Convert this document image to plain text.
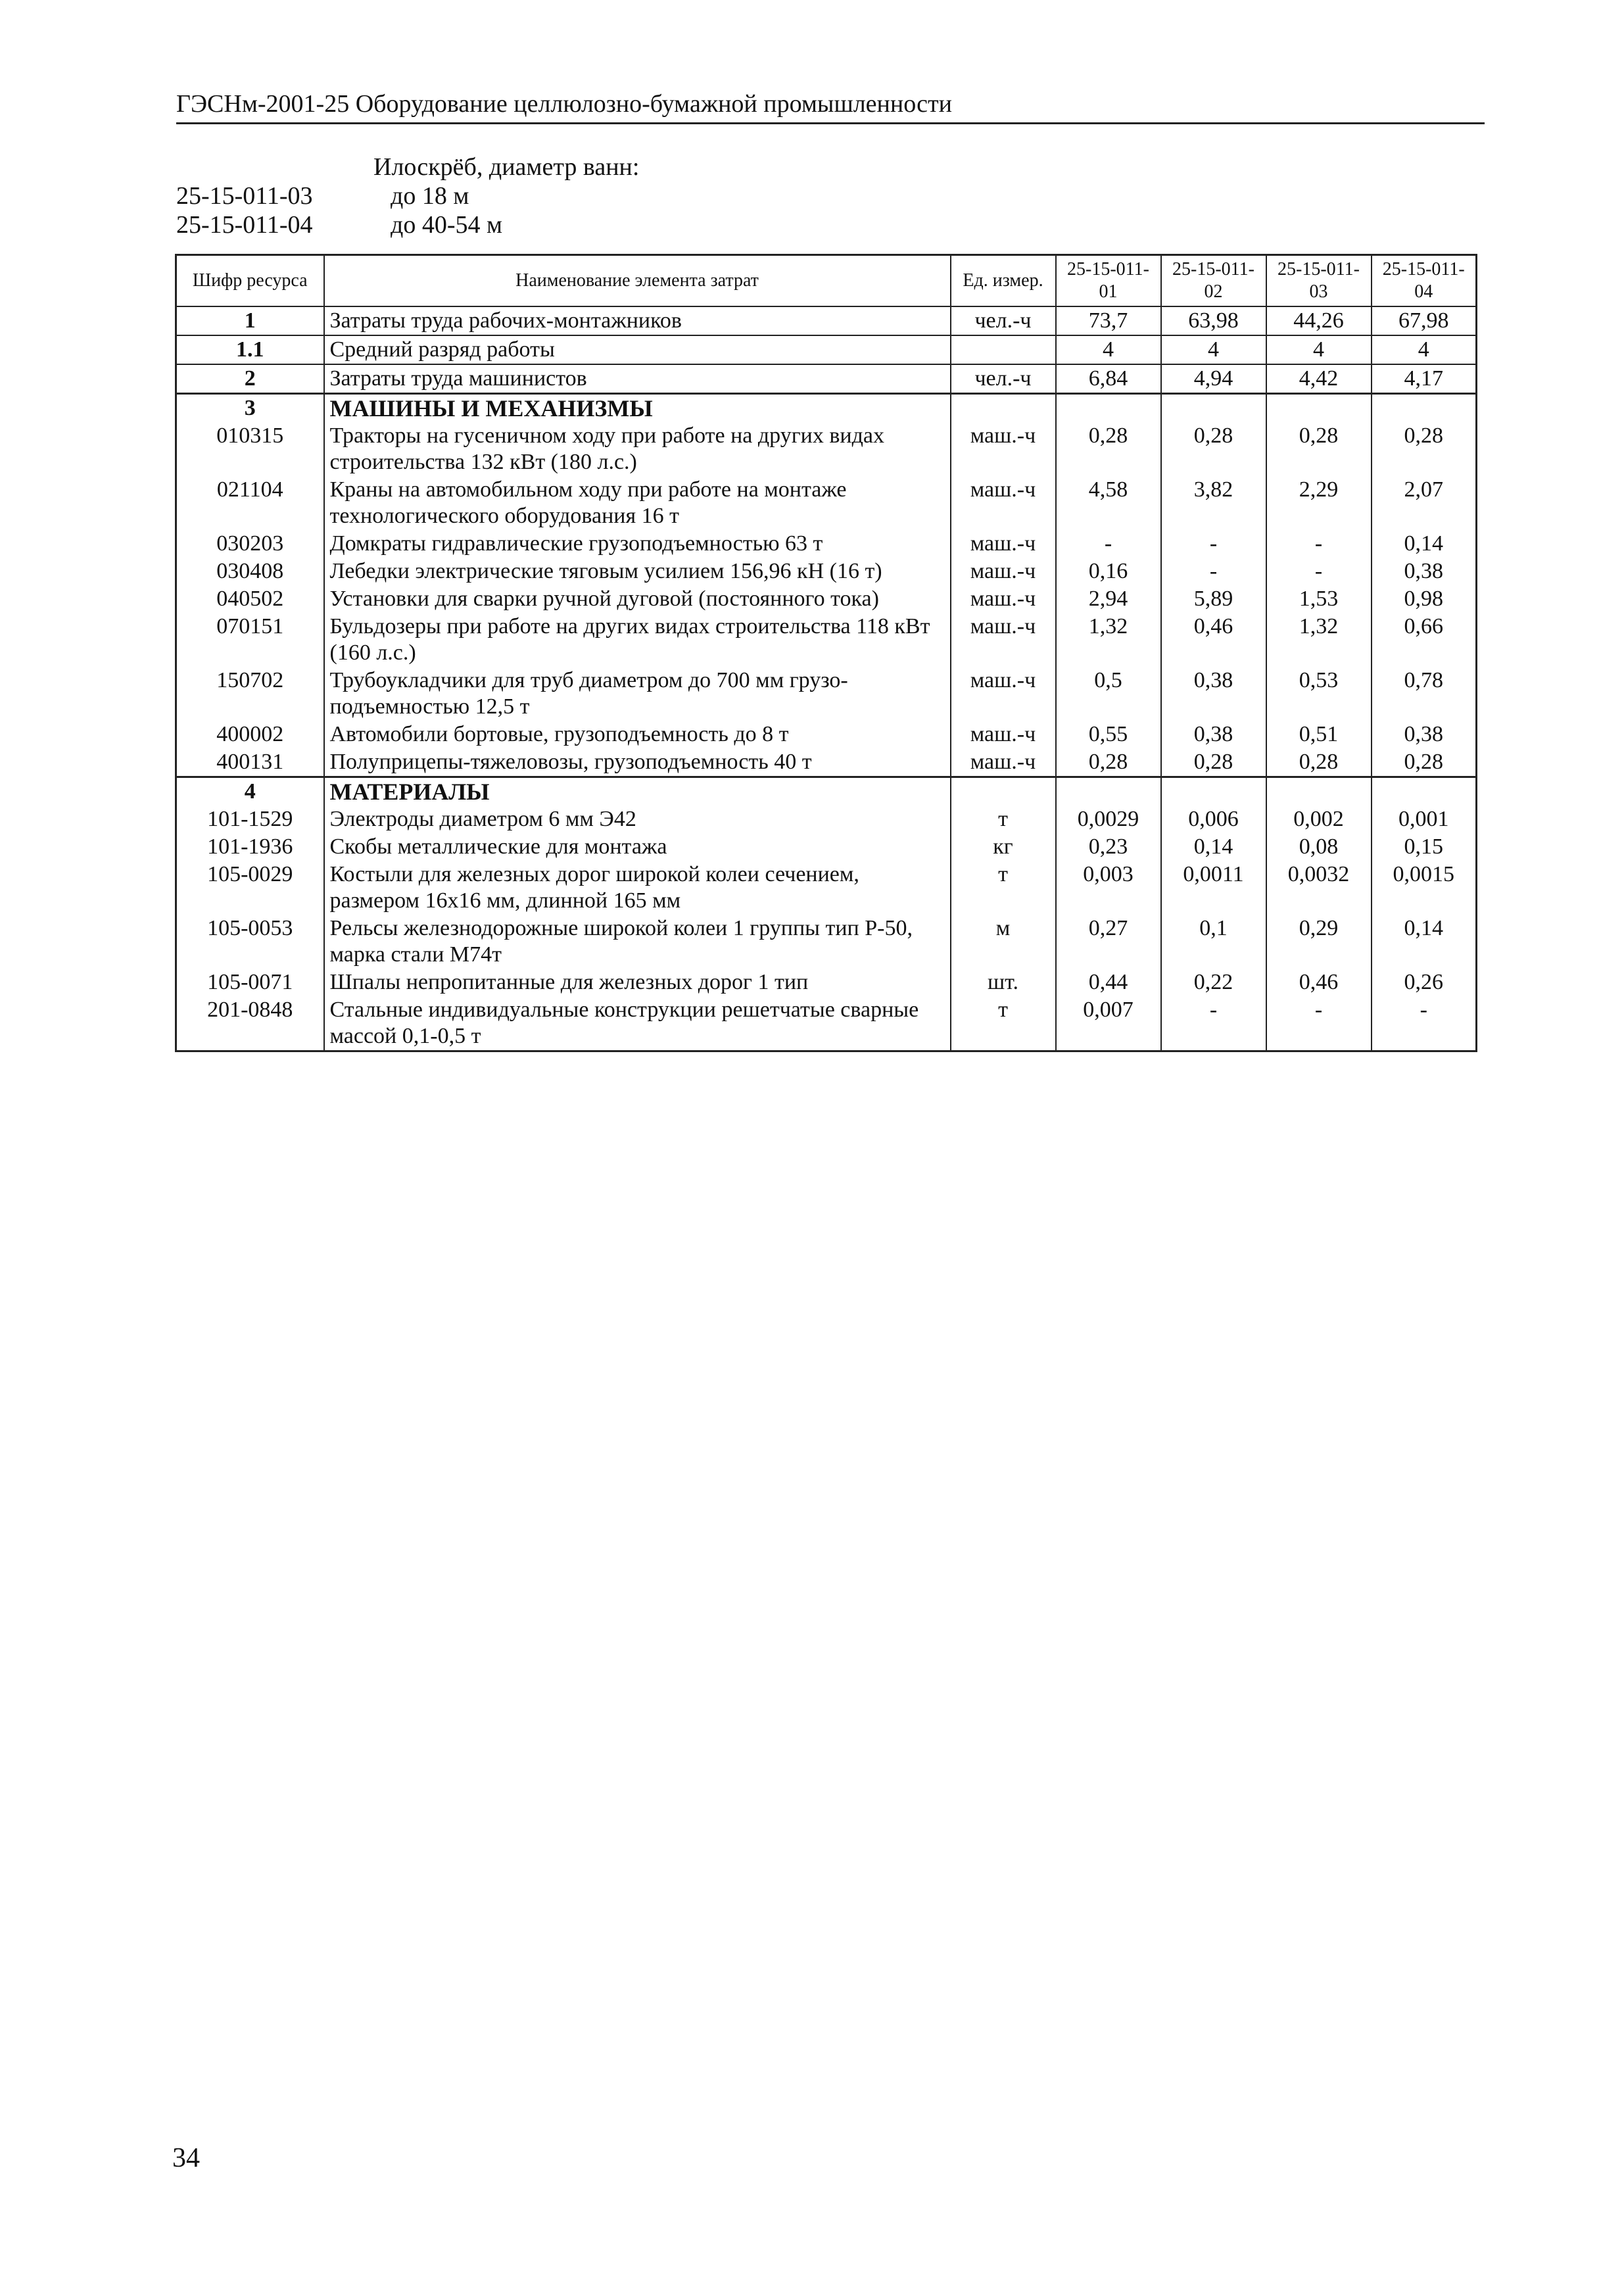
ГЭСНм-2001-25 Оборудование целлюлозно-бумажной промышленности
Илоскрёб, диаметр ванн:
25-15-011-03	до 18 м
25-15-011-04	до 40-54 м
Шифр ресурса	Наименование элемента затрат	Ед. измер.	25-15-011-01	25-15-011-02	25-15-011-03	25-15-011-04
1	Затраты труда рабочих-монтажников	чел.-ч	73,7	63,98	44,26	67,98
1.1	Средний разряд работы		4	4	4	4
2	Затраты труда машинистов	чел.-ч	6,84	4,94	4,42	4,17
3	МАШИНЫ И МЕХАНИЗМЫ					
010315	Тракторы на гусеничном ходу при работе на других видах строительства 132 кВт (180 л.с.)	маш.-ч	0,28	0,28	0,28	0,28
021104	Краны на автомобильном ходу при работе на монтаже технологического оборудования 16 т	маш.-ч	4,58	3,82	2,29	2,07
030203	Домкраты гидравлические грузоподъемностью 63 т	маш.-ч	-	-	-	0,14
030408	Лебедки электрические тяговым усилием 156,96 кН (16 т)	маш.-ч	0,16	-	-	0,38
040502	Установки для сварки ручной дуговой (постоянного тока)	маш.-ч	2,94	5,89	1,53	0,98
070151	Бульдозеры при работе на других видах строительства 118 кВт (160 л.с.)	маш.-ч	1,32	0,46	1,32	0,66
150702	Трубоукладчики для труб диаметром до 700 мм грузо-подъемностью 12,5 т	маш.-ч	0,5	0,38	0,53	0,78
400002	Автомобили бортовые, грузоподъемность до 8 т	маш.-ч	0,55	0,38	0,51	0,38
400131	Полуприцепы-тяжеловозы, грузоподъемность 40 т	маш.-ч	0,28	0,28	0,28	0,28
4	МАТЕРИАЛЫ					
101-1529	Электроды диаметром 6 мм Э42	т	0,0029	0,006	0,002	0,001
101-1936	Скобы металлические для монтажа	кг	0,23	0,14	0,08	0,15
105-0029	Костыли для железных дорог широкой колеи сечением, размером 16х16 мм, длинной 165 мм	т	0,003	0,0011	0,0032	0,0015
105-0053	Рельсы железнодорожные широкой колеи 1 группы тип Р-50, марка стали М74т	м	0,27	0,1	0,29	0,14
105-0071	Шпалы непропитанные для железных дорог 1 тип	шт.	0,44	0,22	0,46	0,26
201-0848	Стальные индивидуальные конструкции решетчатые сварные массой 0,1-0,5 т	т	0,007	-	-	-
34
